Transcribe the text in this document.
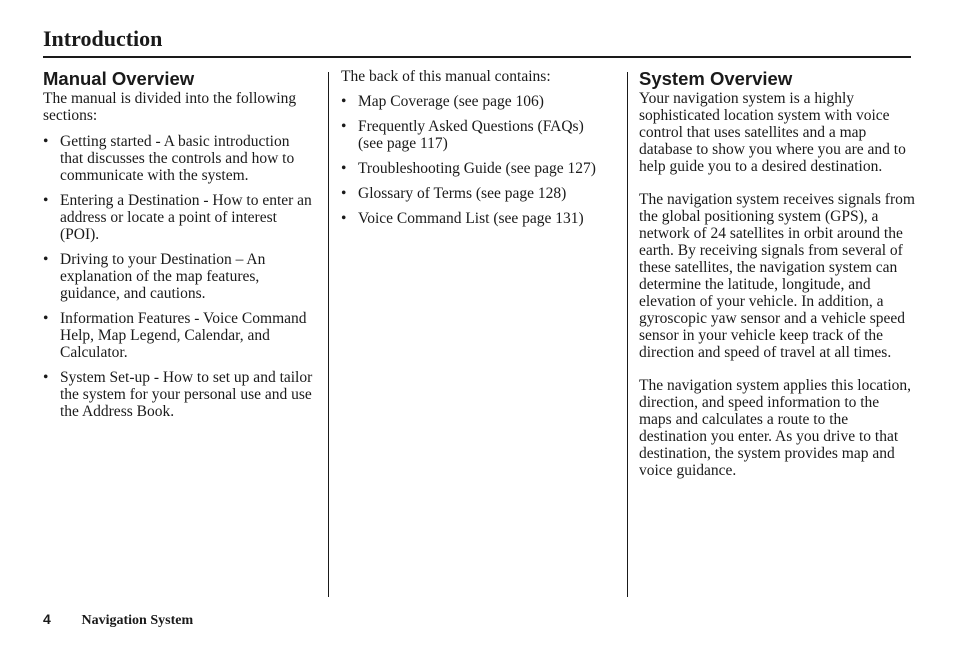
Introduction
Manual Overview

The manual is divided into the following sections:

• Getting started - A basic introduction that discusses the controls and how to communicate with the system.
• Entering a Destination - How to enter an address or locate a point of interest (POI).
• Driving to your Destination – An explanation of the map features, guidance, and cautions.
• Information Features - Voice Command Help, Map Legend, Calendar, and Calculator.
• System Set-up - How to set up and tailor the system for your personal use and use the Address Book.

The back of this manual contains:

• Map Coverage (see page 106)
• Frequently Asked Questions (FAQs) (see page 117)
• Troubleshooting Guide (see page 127)
• Glossary of Terms (see page 128)
• Voice Command List (see page 131)
System Overview

Your navigation system is a highly sophisticated location system with voice control that uses satellites and a map database to show you where you are and to help guide you to a desired destination.

The navigation system receives signals from the global positioning system (GPS), a network of 24 satellites in orbit around the earth. By receiving signals from several of these satellites, the navigation system can determine the latitude, longitude, and elevation of your vehicle. In addition, a gyroscopic yaw sensor and a vehicle speed sensor in your vehicle keep track of the direction and speed of travel at all times.

The navigation system applies this location, direction, and speed information to the maps and calculates a route to the destination you enter. As you drive to that destination, the system provides map and voice guidance.

4 Navigation System
